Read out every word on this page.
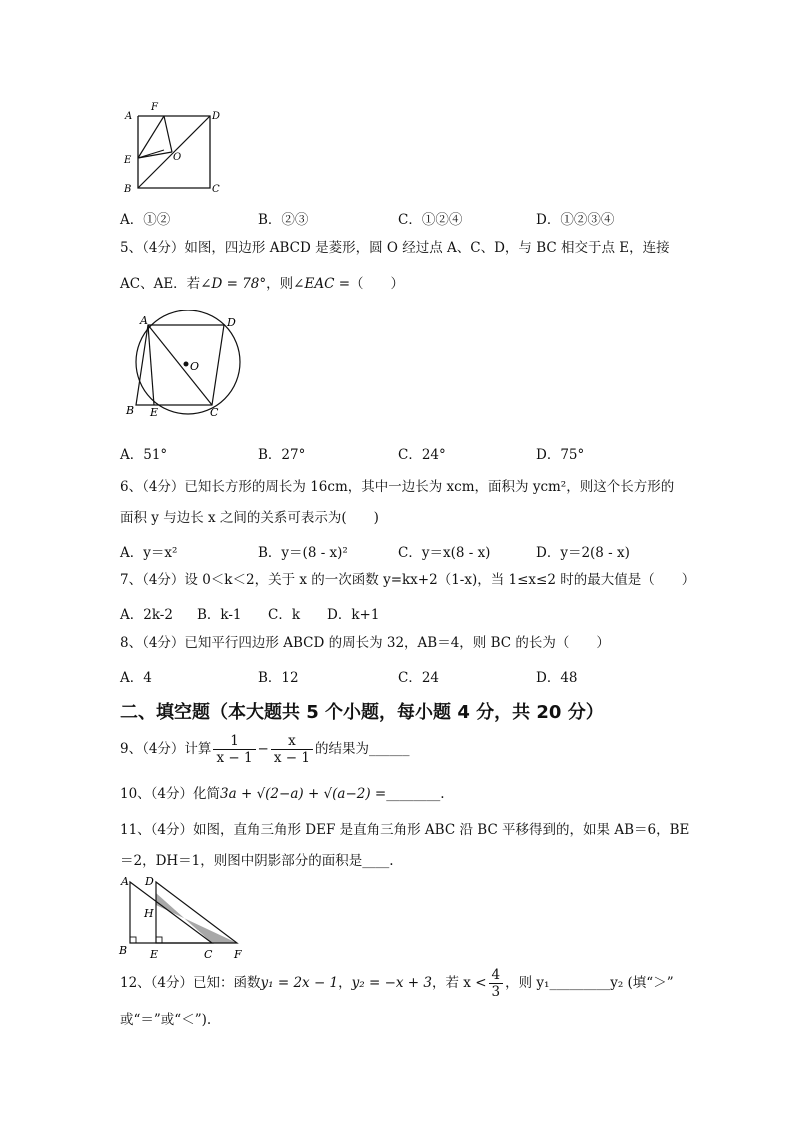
A
F
D
E	O
B	C
A．①②	B．②③	C．①②④	D．①②③④
5、（4分）如图，四边形 ABCD 是菱形，圆 O 经过点 A、C、D，与 BC 相交于点 E，连接
AC、AE．若∠D = 78°，则∠EAC =（　　）
A	D
O
B E	C
A．51°	B．27°	C．24°	D．75°
6、（4分）已知长方形的周长为 16cm，其中一边长为 xcm，面积为 ycm²，则这个长方形的
面积 y 与边长 x 之间的关系可表示为(　　)
A．y＝x²	B．y＝(8 - x)²	C．y＝x(8 - x)	D．y＝2(8 - x)
7、（4分）设 0＜k＜2，关于 x 的一次函数 y=kx+2（1-x)，当 1≤x≤2 时的最大值是（　　）
A．2k-2 B．k-1 C．k D．k+1
8、（4分）已知平行四边形 ABCD 的周长为 32，AB＝4，则 BC 的长为（　　）
A．4	B．12	C．24	D．48
二、填空题（本大题共 5 个小题，每小题 4 分，共 20 分）
9、（4分）计算 $\frac{1}{x - 1} - \frac{x}{x - 1}$ 的结果为______
10、（4分）化简3a + √(2−a) + √(a−2) =________.
11、（4分）如图，直角三角形 DEF 是直角三角形 ABC 沿 BC 平移得到的，如果 AB＝6，BE
＝2，DH＝1，则图中阴影部分的面积是____.
A D
H
B E	C F
12、（4分）已知：函数y₁ = 2x − 1，y₂ = −x + 3，若 $x < \frac{4}{3}$ ，则 y₁_________y₂ (填“＞”
或“＝”或“＜”).
